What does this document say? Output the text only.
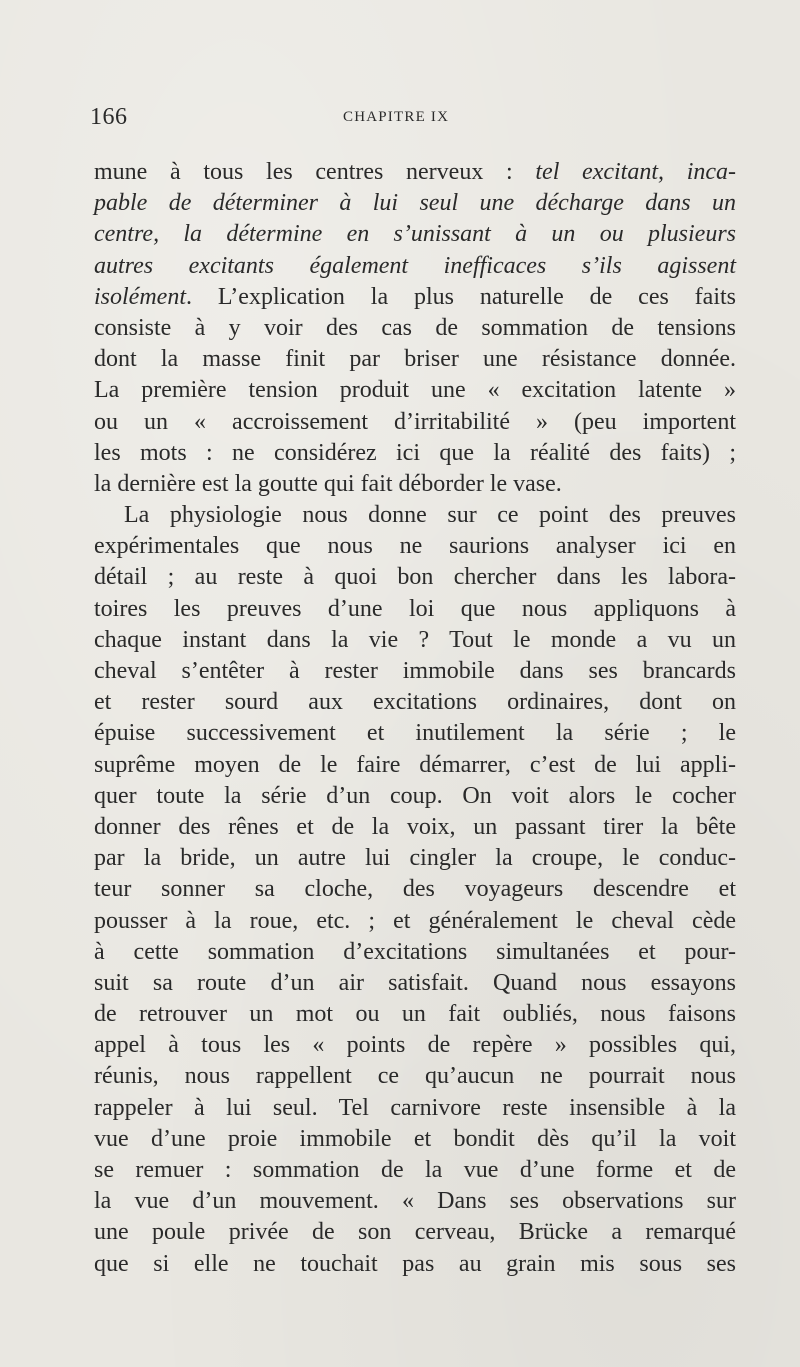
166	CHAPITRE IX
mune à tous les centres nerveux : tel excitant, inca-
pable de déterminer à lui seul une décharge dans un
centre, la détermine en s’unissant à un ou plusieurs
autres excitants également inefficaces s’ils agissent
isolément. L’explication la plus naturelle de ces faits
consiste à y voir des cas de sommation de tensions
dont la masse finit par briser une résistance donnée.
La première tension produit une « excitation latente »
ou un « accroissement d’irritabilité » (peu importent
les mots : ne considérez ici que la réalité des faits) ;
la dernière est la goutte qui fait déborder le vase.
La physiologie nous donne sur ce point des preuves
expérimentales que nous ne saurions analyser ici en
détail ; au reste à quoi bon chercher dans les labora-
toires les preuves d’une loi que nous appliquons à
chaque instant dans la vie ? Tout le monde a vu un
cheval s’entêter à rester immobile dans ses brancards
et rester sourd aux excitations ordinaires, dont on
épuise successivement et inutilement la série ; le
suprême moyen de le faire démarrer, c’est de lui appli-
quer toute la série d’un coup. On voit alors le cocher
donner des rênes et de la voix, un passant tirer la bête
par la bride, un autre lui cingler la croupe, le conduc-
teur sonner sa cloche, des voyageurs descendre et
pousser à la roue, etc. ; et généralement le cheval cède
à cette sommation d’excitations simultanées et pour-
suit sa route d’un air satisfait. Quand nous essayons
de retrouver un mot ou un fait oubliés, nous faisons
appel à tous les « points de repère » possibles qui,
réunis, nous rappellent ce qu’aucun ne pourrait nous
rappeler à lui seul. Tel carnivore reste insensible à la
vue d’une proie immobile et bondit dès qu’il la voit
se remuer : sommation de la vue d’une forme et de
la vue d’un mouvement. « Dans ses observations sur
une poule privée de son cerveau, Brücke a remarqué
que si elle ne touchait pas au grain mis sous ses
